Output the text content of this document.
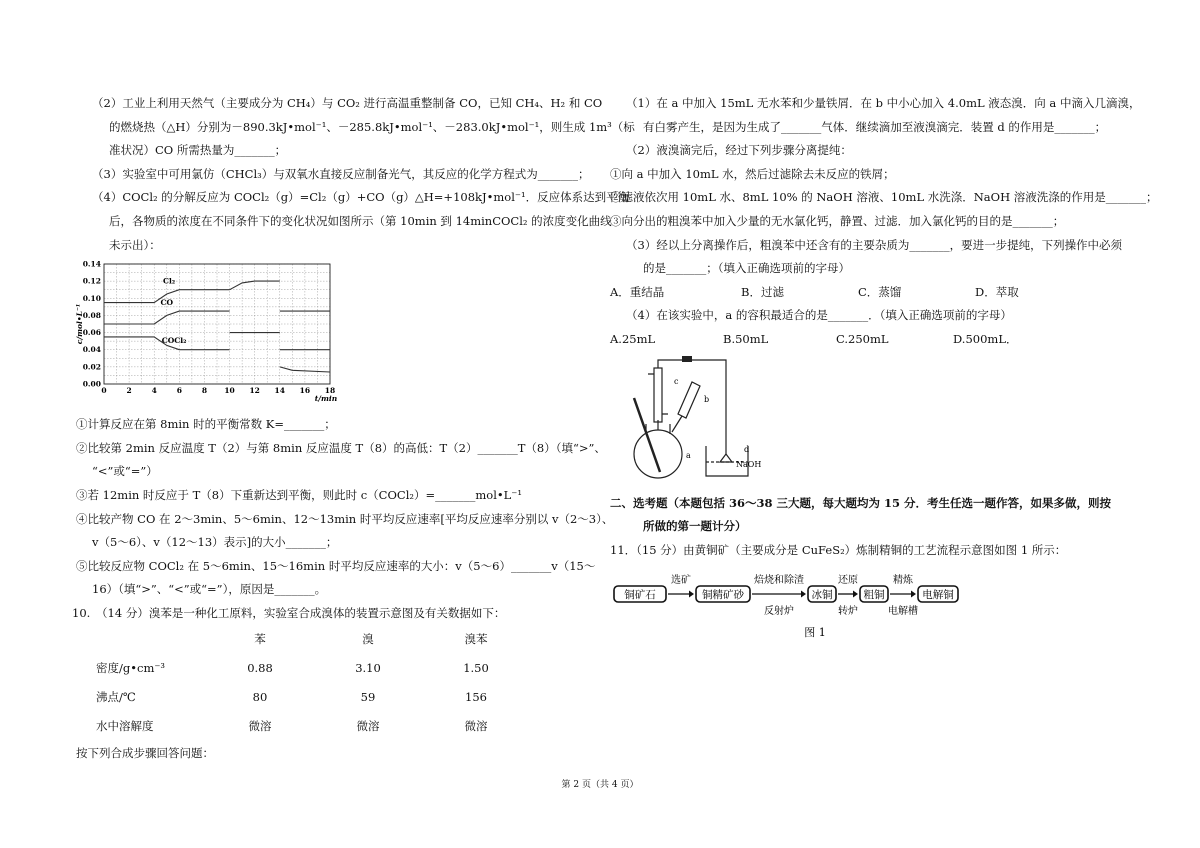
（2）工业上利用天然气（主要成分为 CH₄）与 CO₂ 进行高温重整制备 CO，已知 CH₄、H₂ 和 CO
的燃烧热（△H）分别为－890.3kJ•mol⁻¹、－285.8kJ•mol⁻¹、－283.0kJ•mol⁻¹，则生成 1m³（标
准状况）CO 所需热量为_______；
（3）实验室中可用氯仿（CHCl₃）与双氧水直接反应制备光气，其反应的化学方程式为_______；
（4）COCl₂ 的分解反应为 COCl₂（g）=Cl₂（g）+CO（g）△H=+108kJ•mol⁻¹．反应体系达到平衡
后，各物质的浓度在不同条件下的变化状况如图所示（第 10min 到 14minCOCl₂ 的浓度变化曲线
未示出）：
①计算反应在第 8min 时的平衡常数 K=_______；
②比较第 2min 反应温度 T（2）与第 8min 反应温度 T（8）的高低：T（2）_______T（8）（填“>”、
“<”或“=”）
③若 12min 时反应于 T（8）下重新达到平衡，则此时 c（COCl₂）=_______mol•L⁻¹
④比较产物 CO 在 2～3min、5～6min、12～13min 时平均反应速率[平均反应速率分别以 v（2～3）、
v（5～6）、v（12～13）表示]的大小_______；
⑤比较反应物 COCl₂ 在 5～6min、15～16min 时平均反应速率的大小：v（5～6）_______v（15～
16）（填“>”、“<”或“=”），原因是_______。
10.　（14 分）溴苯是一种化工原料，实验室合成溴体的装置示意图及有关数据如下：
	苯	溴	溴苯
密度/g•cm⁻³	0.88	3.10	1.50
沸点/℃	80	59	156
水中溶解度	微溶	微溶	微溶
按下列合成步骤回答问题：
0.00
0.02
0.04
0.06
0.08
0.10
0.12
0.14
0	2	4	6	8 10 12 14 16 18
t/min
c/mol•L⁻¹
Cl₂
CO
COCl₂
（1）在 a 中加入 15mL 无水苯和少量铁屑．在 b 中小心加入 4.0mL 液态溴．向 a 中滴入几滴溴，
有白雾产生，是因为生成了_______气体．继续滴加至液溴滴完．装置 d 的作用是_______；
（2）液溴滴完后，经过下列步骤分离提纯：
①向 a 中加入 10mL 水，然后过滤除去未反应的铁屑；
②滤液依次用 10mL 水、8mL 10% 的 NaOH 溶液、10mL 水洗涤．NaOH 溶液洗涤的作用是_______；
③向分出的粗溴苯中加入少量的无水氯化钙，静置、过滤．加入氯化钙的目的是_______；
（3）经以上分离操作后，粗溴苯中还含有的主要杂质为_______，要进一步提纯，下列操作中必须
的是_______；（填入正确选项前的字母）
A．重结晶	B．过滤	C．蒸馏	D．萃取
（4）在该实验中，a 的容积最适合的是_______．（填入正确选项前的字母）
A.25mL	B.50mL	C.250mL	D.500mL．
二、选考题（本题包括 36～38 三大题，每大题均为 15 分．考生任选一题作答，如果多做，则按
所做的第一题计分）
11．（15 分）由黄铜矿（主要成分是 CuFeS₂）炼制精铜的工艺流程示意图如图 1 所示：
c
b
a
d
NaOH
铜矿石
选矿
铜精矿砂
焙烧和除渣
反射炉
冰铜
还原
转炉
粗铜
精炼
电解槽
电解铜
图 1
第 2 页（共 4 页）
